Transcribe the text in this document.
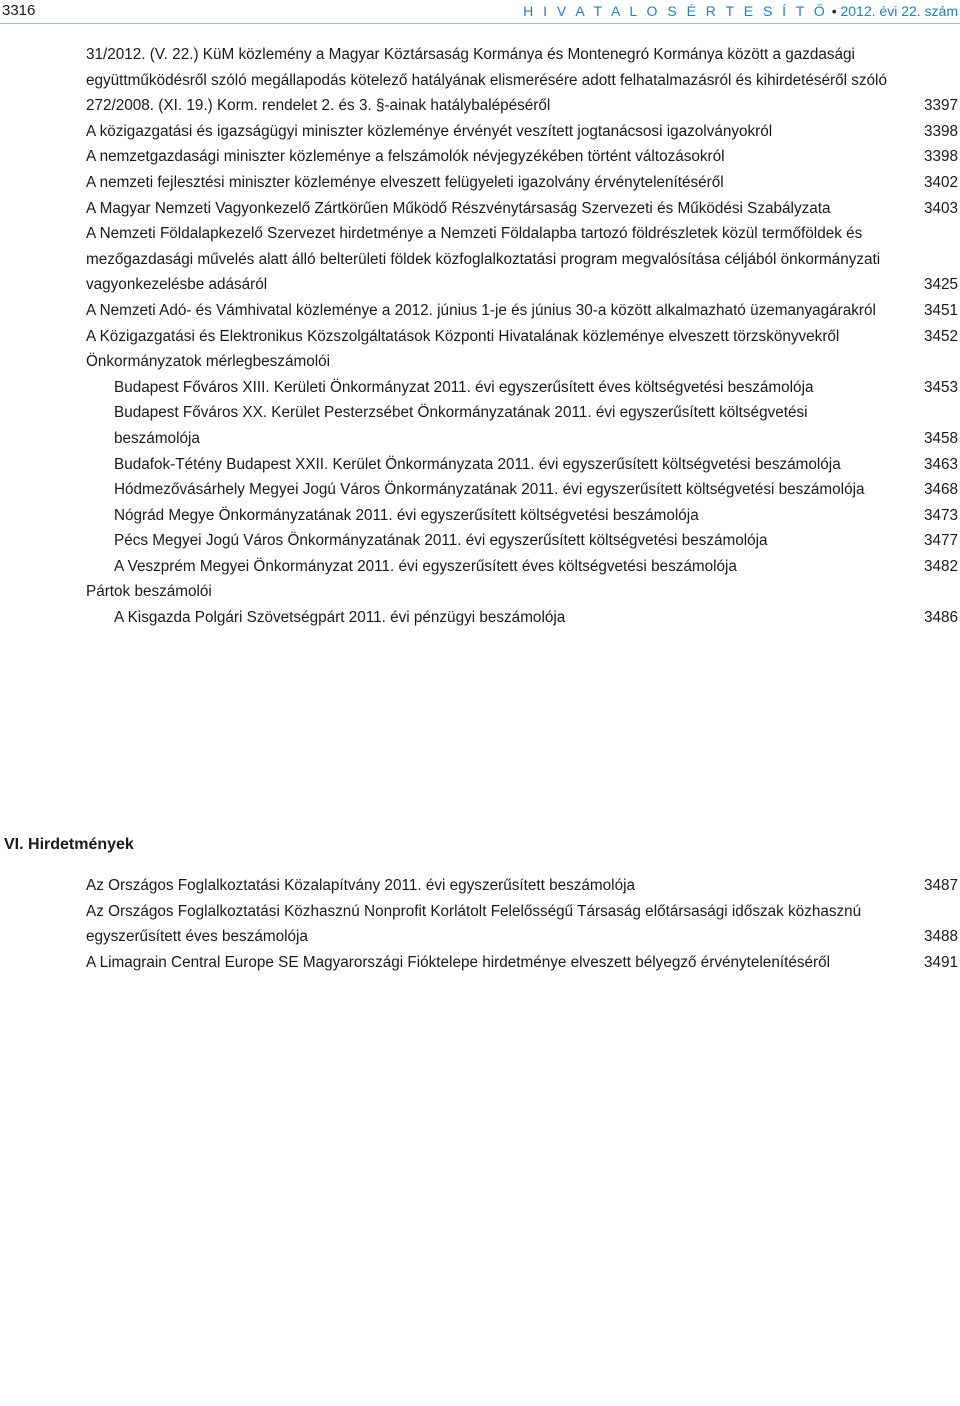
3316	H I V A T A L O S É R T E S Í T Ő • 2012. évi 22. szám
31/2012. (V. 22.) KüM közlemény a Magyar Köztársaság Kormánya és Montenegró Kormánya között a gazdasági együttműködésről szóló megállapodás kötelező hatályának elismerésére adott felhatalmazásról és kihirdetéséről szóló 272/2008. (XI. 19.) Korm. rendelet 2. és 3. §-ainak hatálybalépéséről	3397
A közigazgatási és igazságügyi miniszter közleménye érvényét veszített jogtanácsosi igazolványokról	3398
A nemzetgazdasági miniszter közleménye a felszámolók névjegyzékében történt változásokról	3398
A nemzeti fejlesztési miniszter közleménye elveszett felügyeleti igazolvány érvénytelenítéséről	3402
A Magyar Nemzeti Vagyonkezelő Zártkörűen Működő Részvénytársaság Szervezeti és Működési Szabályzata	3403
A Nemzeti Földalapkezelő Szervezet hirdetménye a Nemzeti Földalapba tartozó földrészletek közül termőföldek és mezőgazdasági művelés alatt álló belterületi földek közfoglalkoztatási program megvalósítása céljából önkormányzati vagyonkezelésbe adásáról	3425
A Nemzeti Adó- és Vámhivatal közleménye a 2012. június 1-je és június 30-a között alkalmazható üzemanyagárakról	3451
A Közigazgatási és Elektronikus Közszolgáltatások Központi Hivatalának közleménye elveszett törzskönyvekről	3452
Önkormányzatok mérlegbeszámolói
Budapest Főváros XIII. Kerületi Önkormányzat 2011. évi egyszerűsített éves költségvetési beszámolója	3453
Budapest Főváros XX. Kerület Pesterzsébet Önkormányzatának 2011. évi egyszerűsített költségvetési beszámolója	3458
Budafok-Tétény Budapest XXII. Kerület Önkormányzata 2011. évi egyszerűsített költségvetési beszámolója	3463
Hódmezővásárhely Megyei Jogú Város Önkormányzatának 2011. évi egyszerűsített költségvetési beszámolója	3468
Nógrád Megye Önkormányzatának 2011. évi egyszerűsített költségvetési beszámolója	3473
Pécs Megyei Jogú Város Önkormányzatának 2011. évi egyszerűsített költségvetési beszámolója	3477
A Veszprém Megyei Önkormányzat 2011. évi egyszerűsített éves költségvetési beszámolója	3482
Pártok beszámolói
A Kisgazda Polgári Szövetségpárt 2011. évi pénzügyi beszámolója	3486
VI. Hirdetmények
Az Országos Foglalkoztatási Közalapítvány 2011. évi egyszerűsített beszámolója	3487
Az Országos Foglalkoztatási Közhasznú Nonprofit Korlátolt Felelősségű Társaság előtársasági időszak közhasznú egyszerűsített éves beszámolója	3488
A Limagrain Central Europe SE Magyarországi Fióktelepe hirdetménye elveszett bélyegző érvénytelenítéséről	3491
